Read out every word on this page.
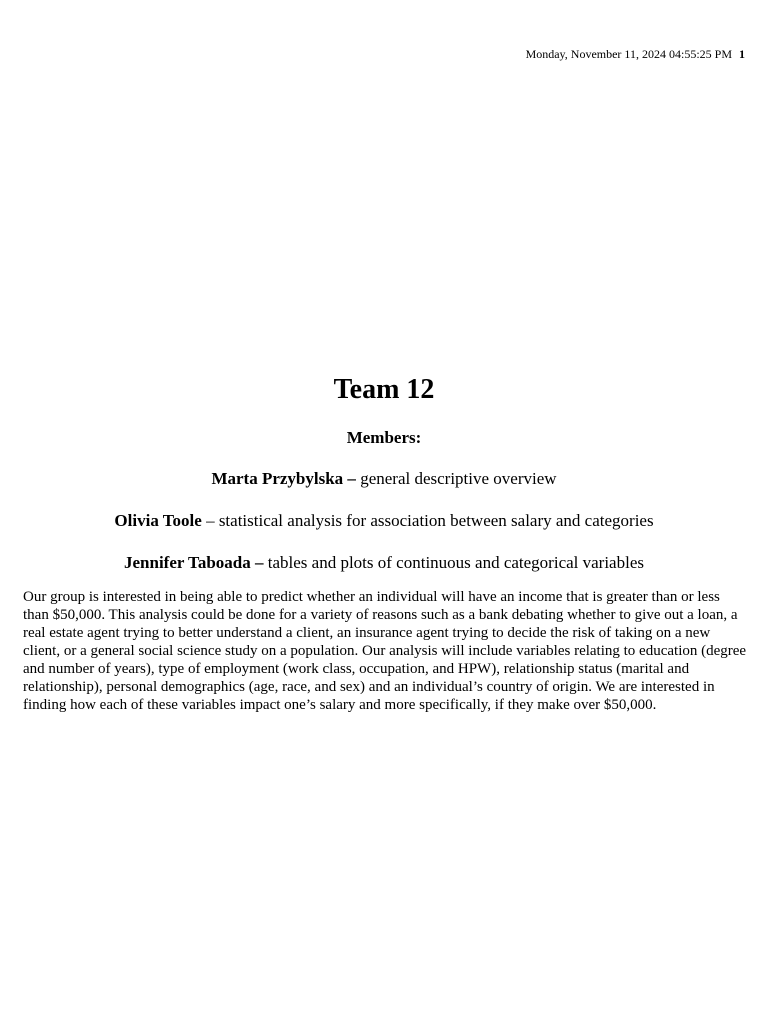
Monday, November 11, 2024 04:55:25 PM 1
Team 12

Members:

Marta Przybylska – general descriptive overview

Olivia Toole – statistical analysis for association between salary and categories

Jennifer Taboada – tables and plots of continuous and categorical variables

Our group is interested in being able to predict whether an individual will have an income that is greater than or less than $50,000. This analysis could be done for a variety of reasons such as a bank debating whether to give out a loan, a real estate agent trying to better understand a client, an insurance agent trying to decide the risk of taking on a new client, or a general social science study on a population. Our analysis will include variables relating to education (degree and number of years), type of employment (work class, occupation, and HPW), relationship status (marital and relationship), personal demographics (age, race, and sex) and an individual’s country of origin. We are interested in finding how each of these variables impact one’s salary and more specifically, if they make over $50,000.
